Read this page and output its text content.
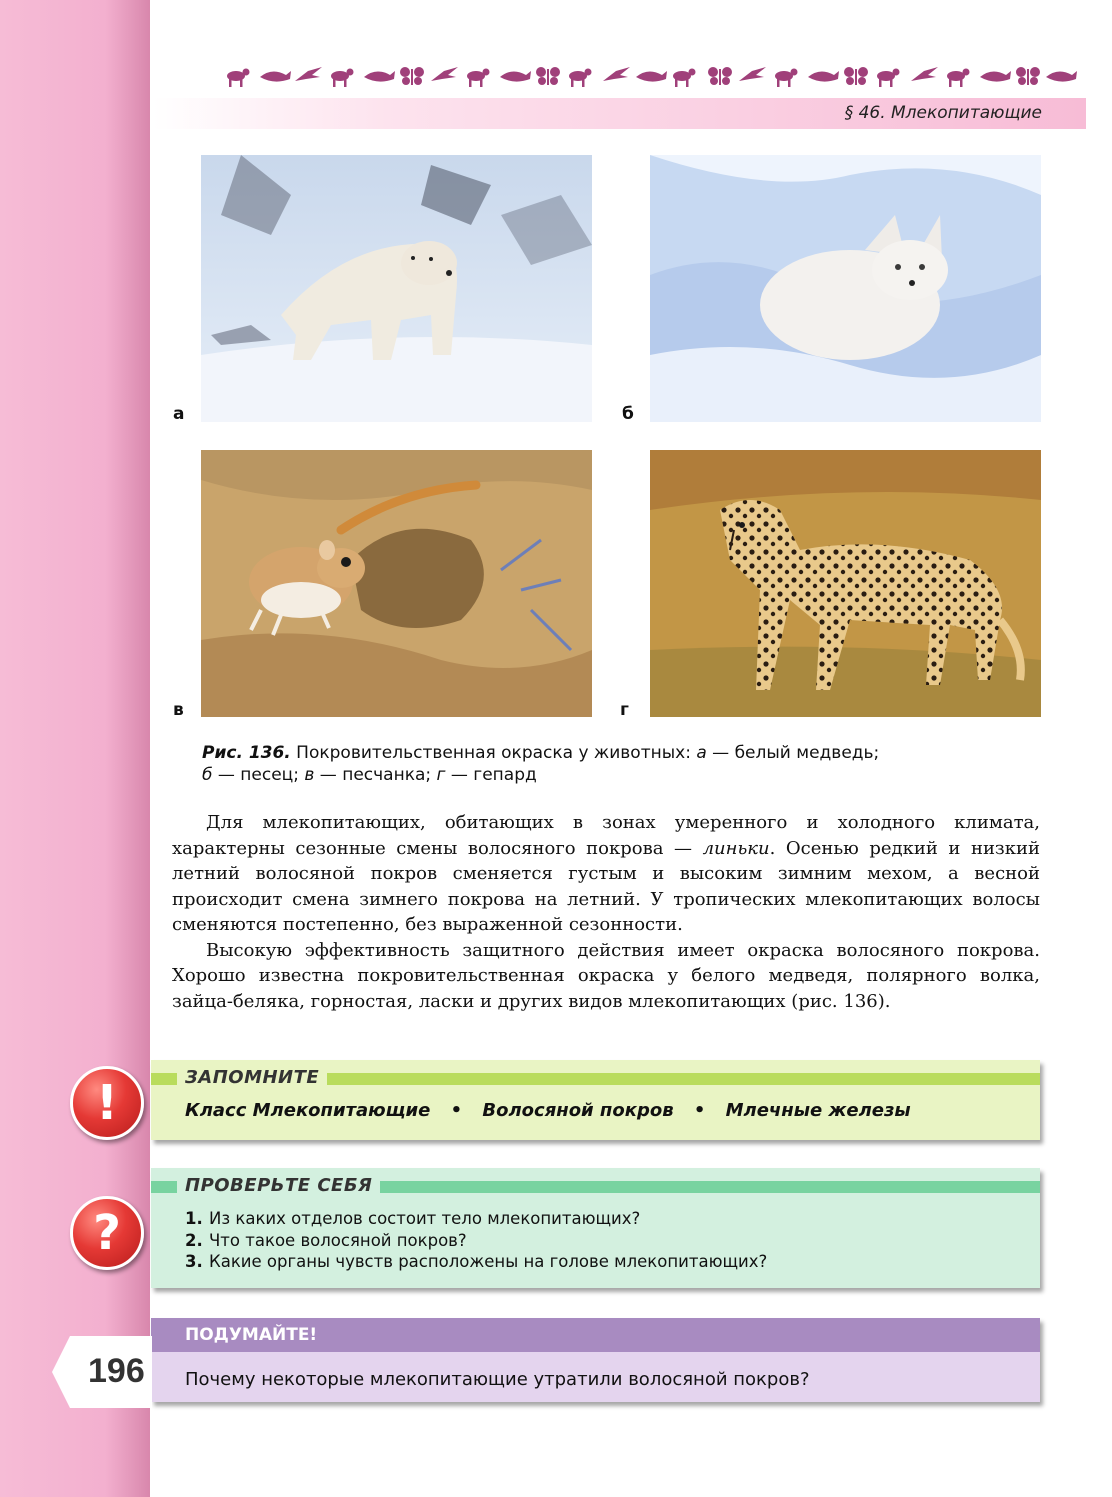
§ 46. Млекопитающие
а	б
в	г
Рис. 136. Покровительственная окраска у животных: а — белый медведь;
б — песец; в — песчанка; г — гепард

Для млекопитающих, обитающих в зонах умеренного и холодного климата, характерны сезонные смены волосяного покрова — линьки. Осенью редкий и низкий летний волосяной покров сменяется густым и высоким зимним мехом, а весной происходит смена зимнего покрова на летний. У тропических млекопитающих волосы сменяются постепенно, без выраженной сезонности.

Высокую эффективность защитного действия имеет окраска волосяного покрова. Хорошо известна покровительственная окраска у белого медведя, полярного волка, зайца-беляка, горностая, ласки и других видов млекопитающих (рис. 136).

!	ЗАПОМНИТЕ
Класс Млекопитающие • Волосяной покров • Млечные железы
?
ПРОВЕРЬТЕ СЕБЯ
1. Из каких отделов состоит тело млекопитающих?
2. Что такое волосяной покров?
3. Какие органы чувств расположены на голове млекопитающих?
ПОДУМАЙТЕ!
Почему некоторые млекопитающие утратили волосяной покров?
196
